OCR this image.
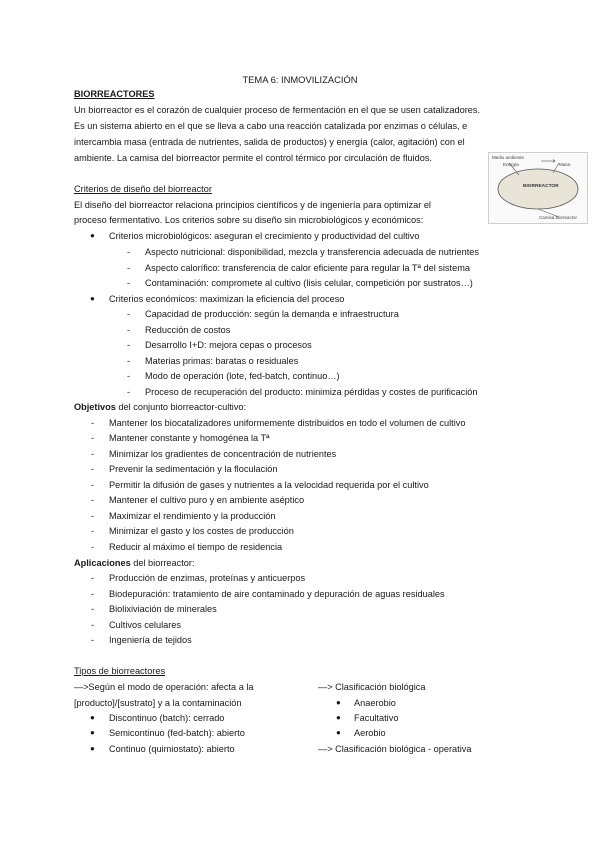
TEMA 6: INMOVILIZACIÓN
BIORREACTORES
Un biorreactor es el corazón de cualquier proceso de fermentación en el que se usen catalizadores.
Es un sistema abierto en el que se lleva a cabo una reacción catalizada por enzimas o células, e
intercambia masa (entrada de nutrientes, salida de productos) y energía (calor, agitación) con el
ambiente. La camisa del biorreactor permite el control térmico por circulación de fluidos.	Medio ambiente
Energía	Masa
BIORREACTOR
Camisa biorreactor
Criterios de diseño del biorreactor
El diseño del biorreactor relaciona principios científicos y de ingeniería para optimizar el
proceso fermentativo. Los criterios sobre su diseño sin microbiológicos y económicos:
● Criterios microbiológicos: aseguran el crecimiento y productividad del cultivo
- Aspecto nutricional: disponibilidad, mezcla y transferencia adecuada de nutrientes
- Aspecto calorífico: transferencia de calor eficiente para regular la Tª del sistema
- Contaminación: compromete al cultivo (lisis celular, competición por sustratos…)
● Criterios económicos: maximizan la eficiencia del proceso
- Capacidad de producción: según la demanda e infraestructura
- Reducción de costos
- Desarrollo I+D: mejora cepas o procesos
- Materias primas: baratas o residuales
- Modo de operación (lote, fed-batch, continuo…)
- Proceso de recuperación del producto: minimiza pérdidas y costes de purificación
Objetivos del conjunto biorreactor-cultivo:
- Mantener los biocatalizadores uniformemente distribuidos en todo el volumen de cultivo
- Mantener constante y homogénea la Tª
- Minimizar los gradientes de concentración de nutrientes
- Prevenir la sedimentación y la floculación
- Permitir la difusión de gases y nutrientes a la velocidad requerida por el cultivo
- Mantener el cultivo puro y en ambiente aséptico
- Maximizar el rendimiento y la producción
- Minimizar el gasto y los costes de producción
- Reducir al máximo el tiempo de residencia
Aplicaciones del biorreactor:
- Producción de enzimas, proteínas y anticuerpos
- Biodepuración: tratamiento de aire contaminado y depuración de aguas residuales
- Biolixiviación de minerales
- Cultivos celulares
- Ingeniería de tejidos
Tipos de biorreactores
—>Según el modo de operación: afecta a la
[producto]/[sustrato] y a la contaminación
● Discontinuo (batch): cerrado
● Semicontinuo (fed-batch): abierto
● Continuo (quimiostato): abierto
—> Clasificación biológica
● Anaerobio
● Facultativo
● Aerobio
—> Clasificación biológica - operativa
